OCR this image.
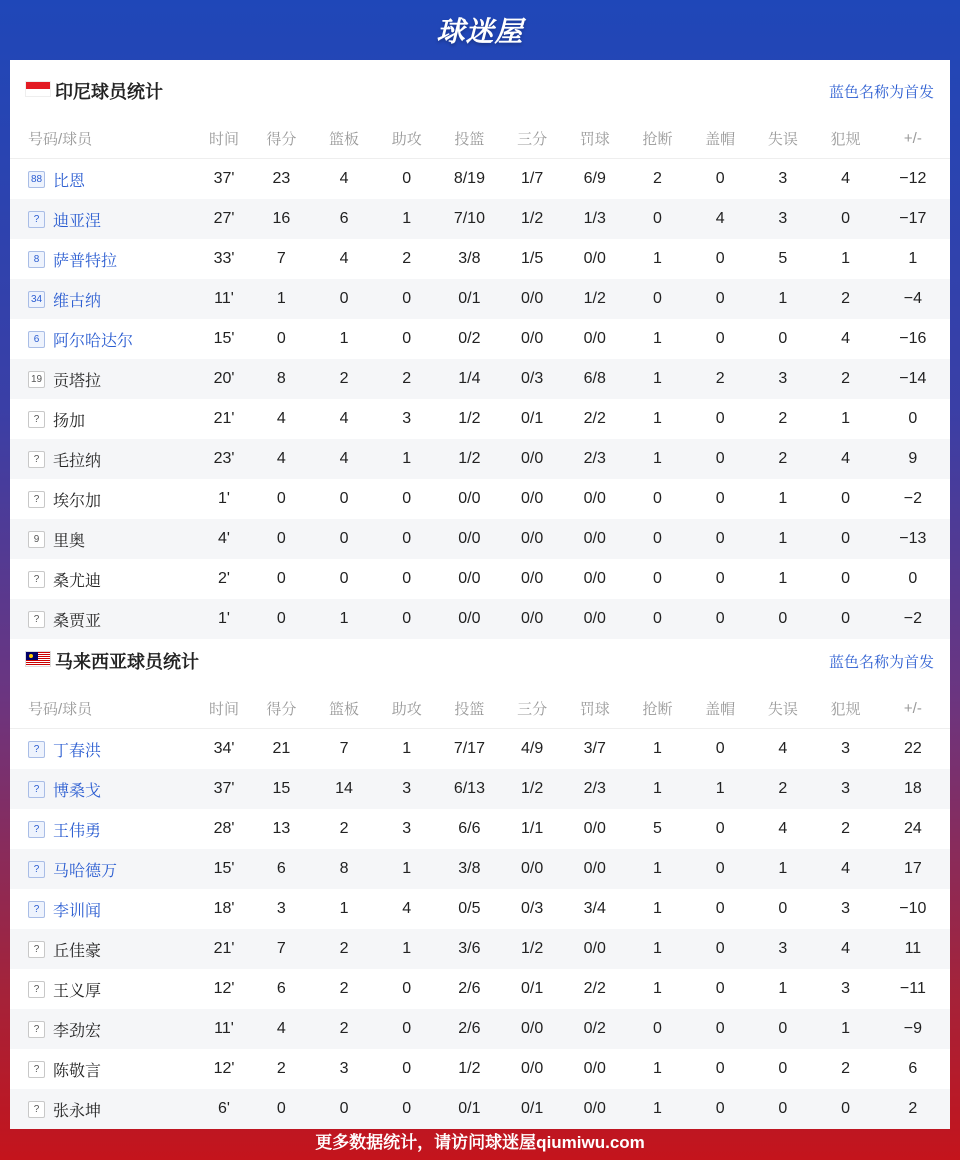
球迷屋
印尼球员统计	蓝色名称为首发
号码/球员	时间	得分	篮板	助攻	投篮	三分	罚球	抢断	盖帽	失误	犯规	+/-
88 比恩	37'	23	4	0	8/19	1/7	6/9	2	0	3	4	−12
? 迪亚涅	27'	16	6	1	7/10	1/2	1/3	0	4	3	0	−17
8 萨普特拉	33'	7	4	2	3/8	1/5	0/0	1	0	5	1	1
34 维古纳	11'	1	0	0	0/1	0/0	1/2	0	0	1	2	−4
6 阿尔哈达尔	15'	0	1	0	0/2	0/0	0/0	1	0	0	4	−16
19 贡塔拉	20'	8	2	2	1/4	0/3	6/8	1	2	3	2	−14
? 扬加	21'	4	4	3	1/2	0/1	2/2	1	0	2	1	0
? 毛拉纳	23'	4	4	1	1/2	0/0	2/3	1	0	2	4	9
? 埃尔加	1'	0	0	0	0/0	0/0	0/0	0	0	1	0	−2
9 里奥	4'	0	0	0	0/0	0/0	0/0	0	0	1	0	−13
? 桑尤迪	2'	0	0	0	0/0	0/0	0/0	0	0	1	0	0
? 桑贾亚	1'	0	1	0	0/0	0/0	0/0	0	0	0	0	−2
马来西亚球员统计	蓝色名称为首发
号码/球员	时间	得分	篮板	助攻	投篮	三分	罚球	抢断	盖帽	失误	犯规	+/-
? 丁春洪	34'	21	7	1	7/17	4/9	3/7	1	0	4	3	22
? 博桑戈	37'	15	14	3	6/13	1/2	2/3	1	1	2	3	18
? 王伟勇	28'	13	2	3	6/6	1/1	0/0	5	0	4	2	24
? 马哈德万	15'	6	8	1	3/8	0/0	0/0	1	0	1	4	17
? 李训闻	18'	3	1	4	0/5	0/3	3/4	1	0	0	3	−10
? 丘佳豪	21'	7	2	1	3/6	1/2	0/0	1	0	3	4	11
? 王义厚	12'	6	2	0	2/6	0/1	2/2	1	0	1	3	−11
? 李劲宏	11'	4	2	0	2/6	0/0	0/2	0	0	0	1	−9
? 陈敬言	12'	2	3	0	1/2	0/0	0/0	1	0	0	2	6
? 张永坤	6'	0	0	0	0/1	0/1	0/0	1	0	0	0	2
更多数据统计，请访问球迷屋qiumiwu.com
